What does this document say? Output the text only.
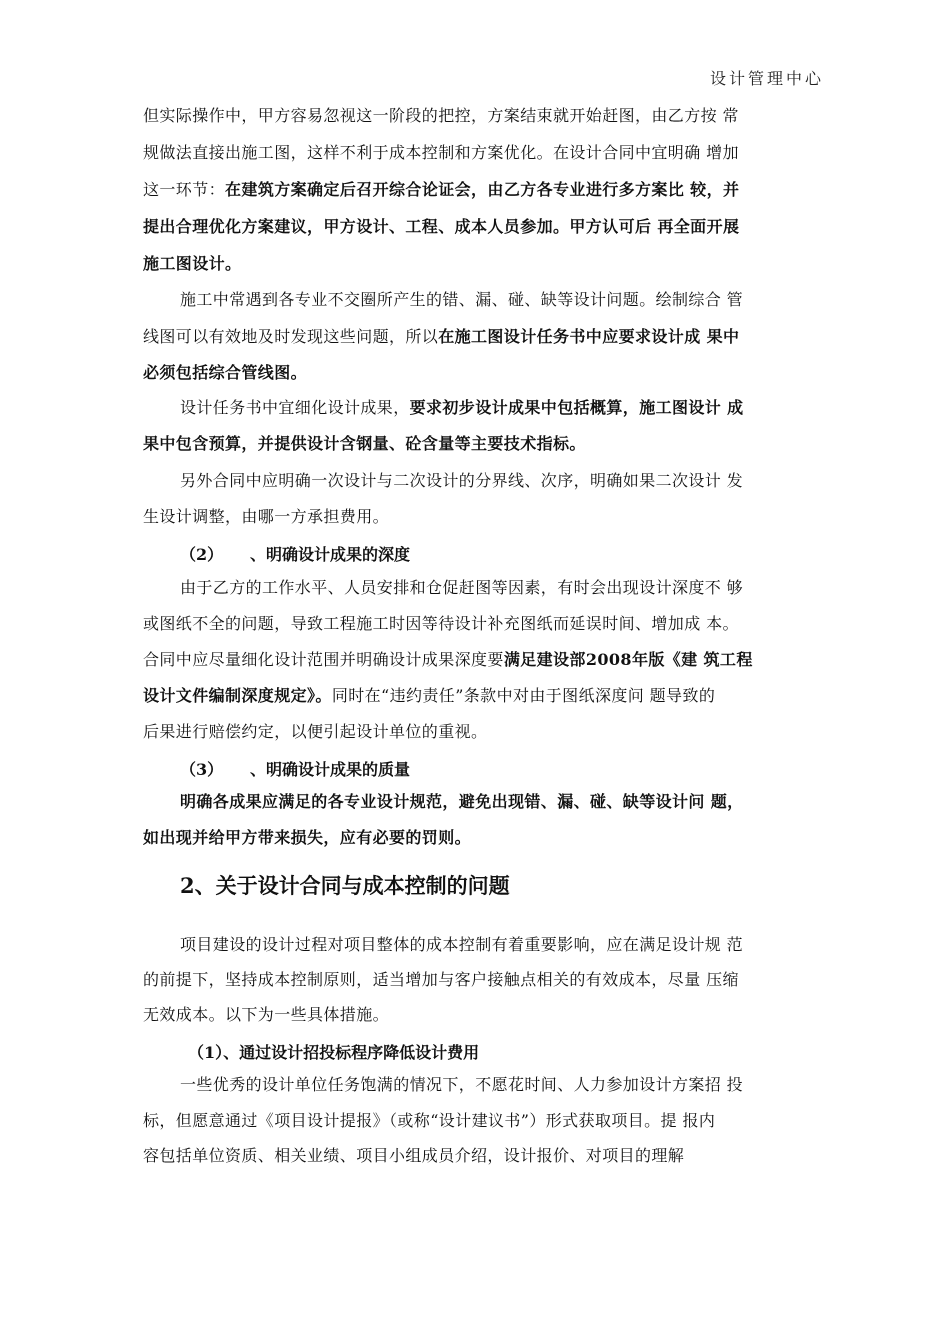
设计管理中心
但实际操作中，甲方容易忽视这一阶段的把控，方案结束就开始赶图，由乙方按 常
规做法直接出施工图，这样不利于成本控制和方案优化。在设计合同中宜明确 增加
这一环节：在建筑方案确定后召开综合论证会，由乙方各专业进行多方案比 较，并
提出合理优化方案建议，甲方设计、工程、成本人员参加。甲方认可后 再全面开展
施工图设计。
施工中常遇到各专业不交圈所产生的错、漏、碰、缺等设计问题。绘制综合 管
线图可以有效地及时发现这些问题，所以在施工图设计任务书中应要求设计成 果中
必须包括综合管线图。
设计任务书中宜细化设计成果，要求初步设计成果中包括概算，施工图设计 成
果中包含预算，并提供设计含钢量、砼含量等主要技术指标。
另外合同中应明确一次设计与二次设计的分界线、次序，明确如果二次设计 发
生设计调整，由哪一方承担费用。
（2） 、明确设计成果的深度
由于乙方的工作水平、人员安排和仓促赶图等因素，有时会出现设计深度不 够
或图纸不全的问题，导致工程施工时因等待设计补充图纸而延误时间、增加成 本。
合同中应尽量细化设计范围并明确设计成果深度要满足建设部2008年版《建 筑工程
设计文件编制深度规定》。同时在“违约责任”条款中对由于图纸深度问 题导致的
后果进行赔偿约定，以便引起设计单位的重视。
（3） 、明确设计成果的质量
明确各成果应满足的各专业设计规范，避免出现错、漏、碰、缺等设计问 题，
如出现并给甲方带来损失，应有必要的罚则。
2、关于设计合同与成本控制的问题
项目建设的设计过程对项目整体的成本控制有着重要影响，应在满足设计规 范
的前提下，坚持成本控制原则，适当增加与客户接触点相关的有效成本，尽量 压缩
无效成本。以下为一些具体措施。
（1）、通过设计招投标程序降低设计费用
一些优秀的设计单位任务饱满的情况下，不愿花时间、人力参加设计方案招 投
标，但愿意通过《项目设计提报》（或称“设计建议书”）形式获取项目。提 报内
容包括单位资质、相关业绩、项目小组成员介绍，设计报价、对项目的理解
